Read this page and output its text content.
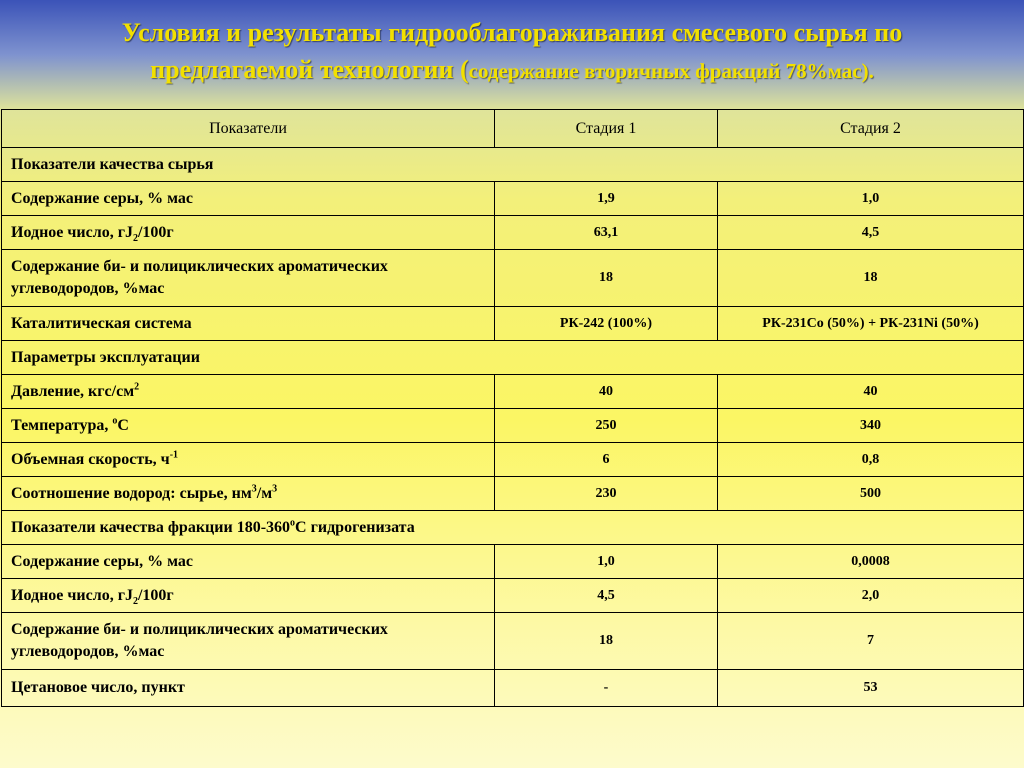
Условия и результаты гидрооблагораживания смесевого сырья по
предлагаемой технологии (содержание вторичных фракций 78%мас).
Показатели	Стадия 1	Стадия 2
Показатели качества сырья		
Содержание серы, % мас	1,9	1,0
Иодное число, $гJ_2/100г$	63,1	4,5
Содержание би- и полициклических ароматических углеводородов, %мас	18	18
Каталитическая система	РК-242 (100%)	РК-231Со (50%) + РК-231Ni (50%)
Параметры эксплуатации		
Давление, кгс/$см^2$	40	40
Температура, $^о$С	250	340
Объемная скорость, $ч^{-1}$	6	0,8
Соотношение водород: сырье, $нм^3/м^3$	230	500
Показатели качества фракции $180-360^оС$ гидрогенизата		
Содержание серы, % мас	1,0	0,0008
Иодное число, $гJ_2/100г$	4,5	2,0
Содержание би- и полициклических ароматических углеводородов, %мас	18	7
Цетановое число, пункт	-	53
